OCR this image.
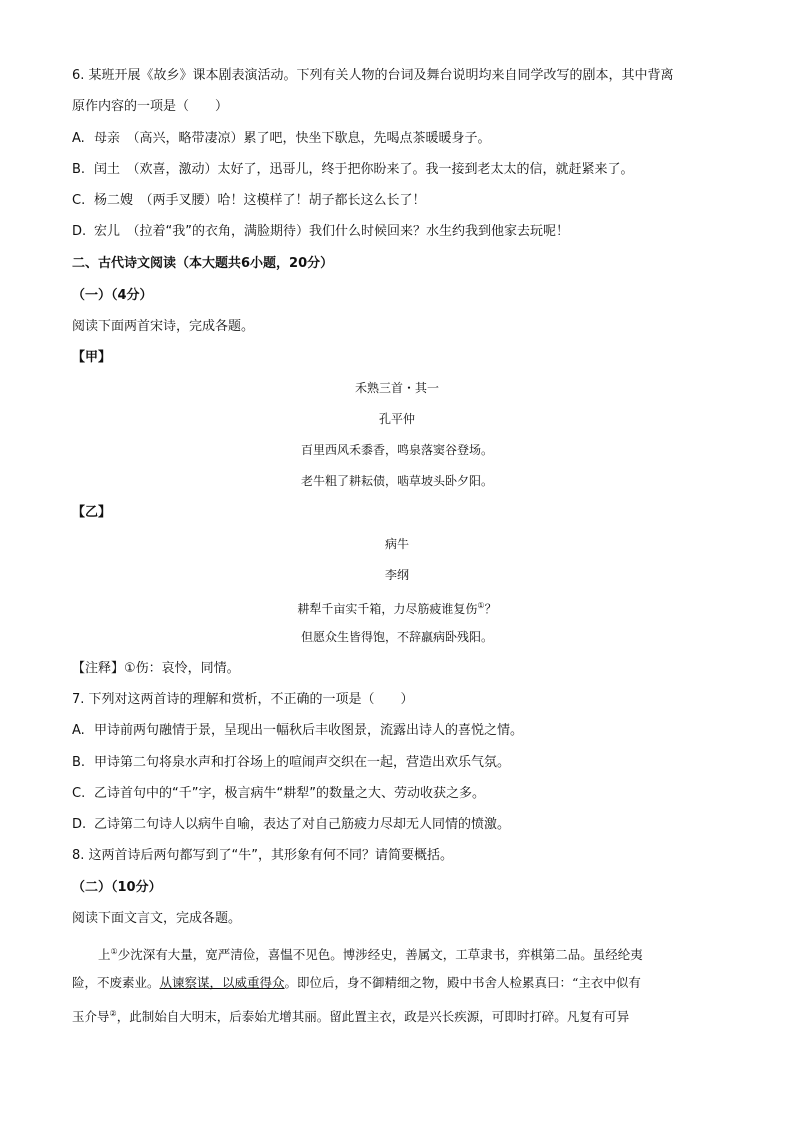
6. 某班开展《故乡》课本剧表演活动。下列有关人物的台词及舞台说明均来自同学改写的剧本，其中背离
原作内容的一项是（　　）
A. 母亲　（高兴，略带凄凉）累了吧，快坐下歇息，先喝点茶暖暖身子。
B. 闰土　（欢喜，激动）太好了，迅哥儿，终于把你盼来了。我一接到老太太的信，就赶紧来了。
C. 杨二嫂　（两手叉腰）哈！这模样了！胡子都长这么长了！
D. 宏儿　（拉着“我”的衣角，满脸期待）我们什么时候回来？水生约我到他家去玩呢！
二、古代诗文阅读（本大题共6小题，20分）
（一）（4分）
阅读下面两首宋诗，完成各题。
【甲】
禾熟三首・其一
孔平仲
百里西风禾黍香，鸣泉落窦谷登场。
老牛粗了耕耘债，啮草坡头卧夕阳。
【乙】
病牛
李纲
耕犁千亩实千箱，力尽筋疲谁复伤①？
但愿众生皆得饱，不辞羸病卧残阳。
【注释】①伤：哀怜，同情。
7. 下列对这两首诗的理解和赏析，不正确的一项是（　　）
A. 甲诗前两句融情于景，呈现出一幅秋后丰收图景，流露出诗人的喜悦之情。
B. 甲诗第二句将泉水声和打谷场上的喧闹声交织在一起，营造出欢乐气氛。
C. 乙诗首句中的“千”字，极言病牛“耕犁”的数量之大、劳动收获之多。
D. 乙诗第二句诗人以病牛自喻，表达了对自己筋疲力尽却无人同情的愤激。
8. 这两首诗后两句都写到了“牛”，其形象有何不同？请简要概括。
（二）（10分）
阅读下面文言文，完成各题。
上①少沈深有大量，宽严清俭，喜愠不见色。博涉经史，善属文，工草隶书，弈棋第二品。虽经纶夷
险，不废素业。从谏察谋，以威重得众。即位后，身不御精细之物，殿中书舍人检累真曰：“主衣中似有
玉介导②，此制始自大明末，后泰始尤增其丽。留此置主衣，政是兴长疾源，可即时打碎。凡复有可异
